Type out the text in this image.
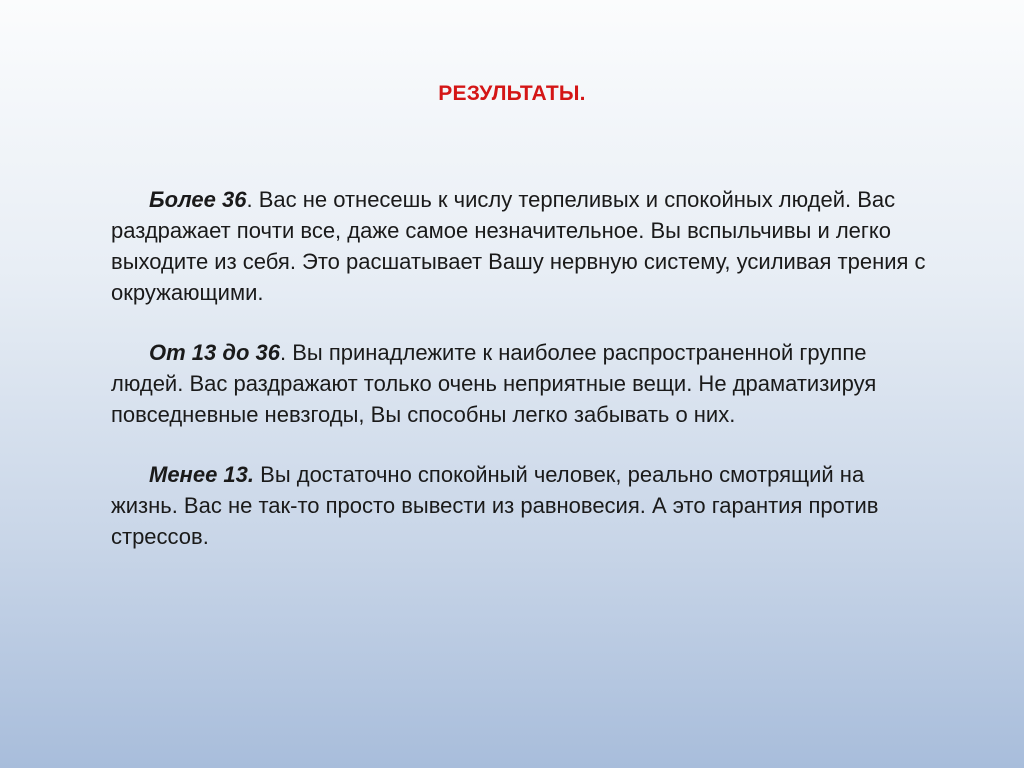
РЕЗУЛЬТАТЫ.

Более 36. Вас не отнесешь к числу терпеливых и спокойных людей. Вас раздражает почти все, даже самое незначительное. Вы вспыльчивы и легко выходите из себя. Это расшатывает Вашу нервную систему, усиливая трения с окружающими.

От 13 до 36. Вы принадлежите к наиболее распространенной группе людей. Вас раздражают только очень неприятные вещи. Не драматизируя повседневные невзгоды, Вы способны легко забывать о них.

Менее 13. Вы достаточно спокойный человек, реально смотрящий на жизнь. Вас не так-то просто вывести из равновесия. А это гарантия против стрессов.
